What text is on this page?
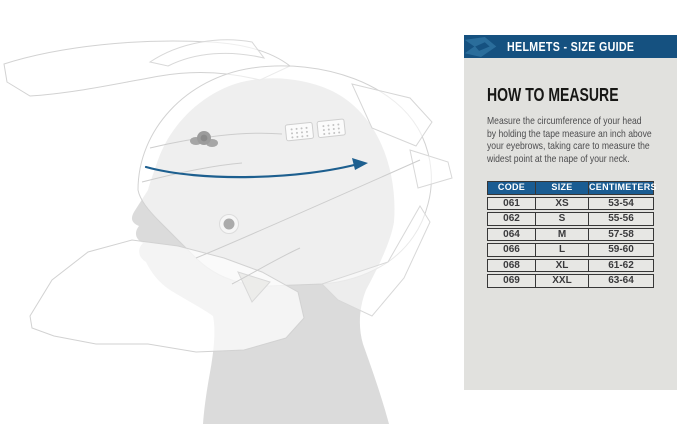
HELMETS - SIZE GUIDE
HOW TO MEASURE

Measure the circumference of your head
by holding the tape measure an inch above
your eyebrows, taking care to measure the
widest point at the nape of your neck.

CODE	SIZE	CENTIMETERS
061	XS	53-54
062	S	55-56
064	M	57-58
066	L	59-60
068	XL	61-62
069	XXL	63-64
